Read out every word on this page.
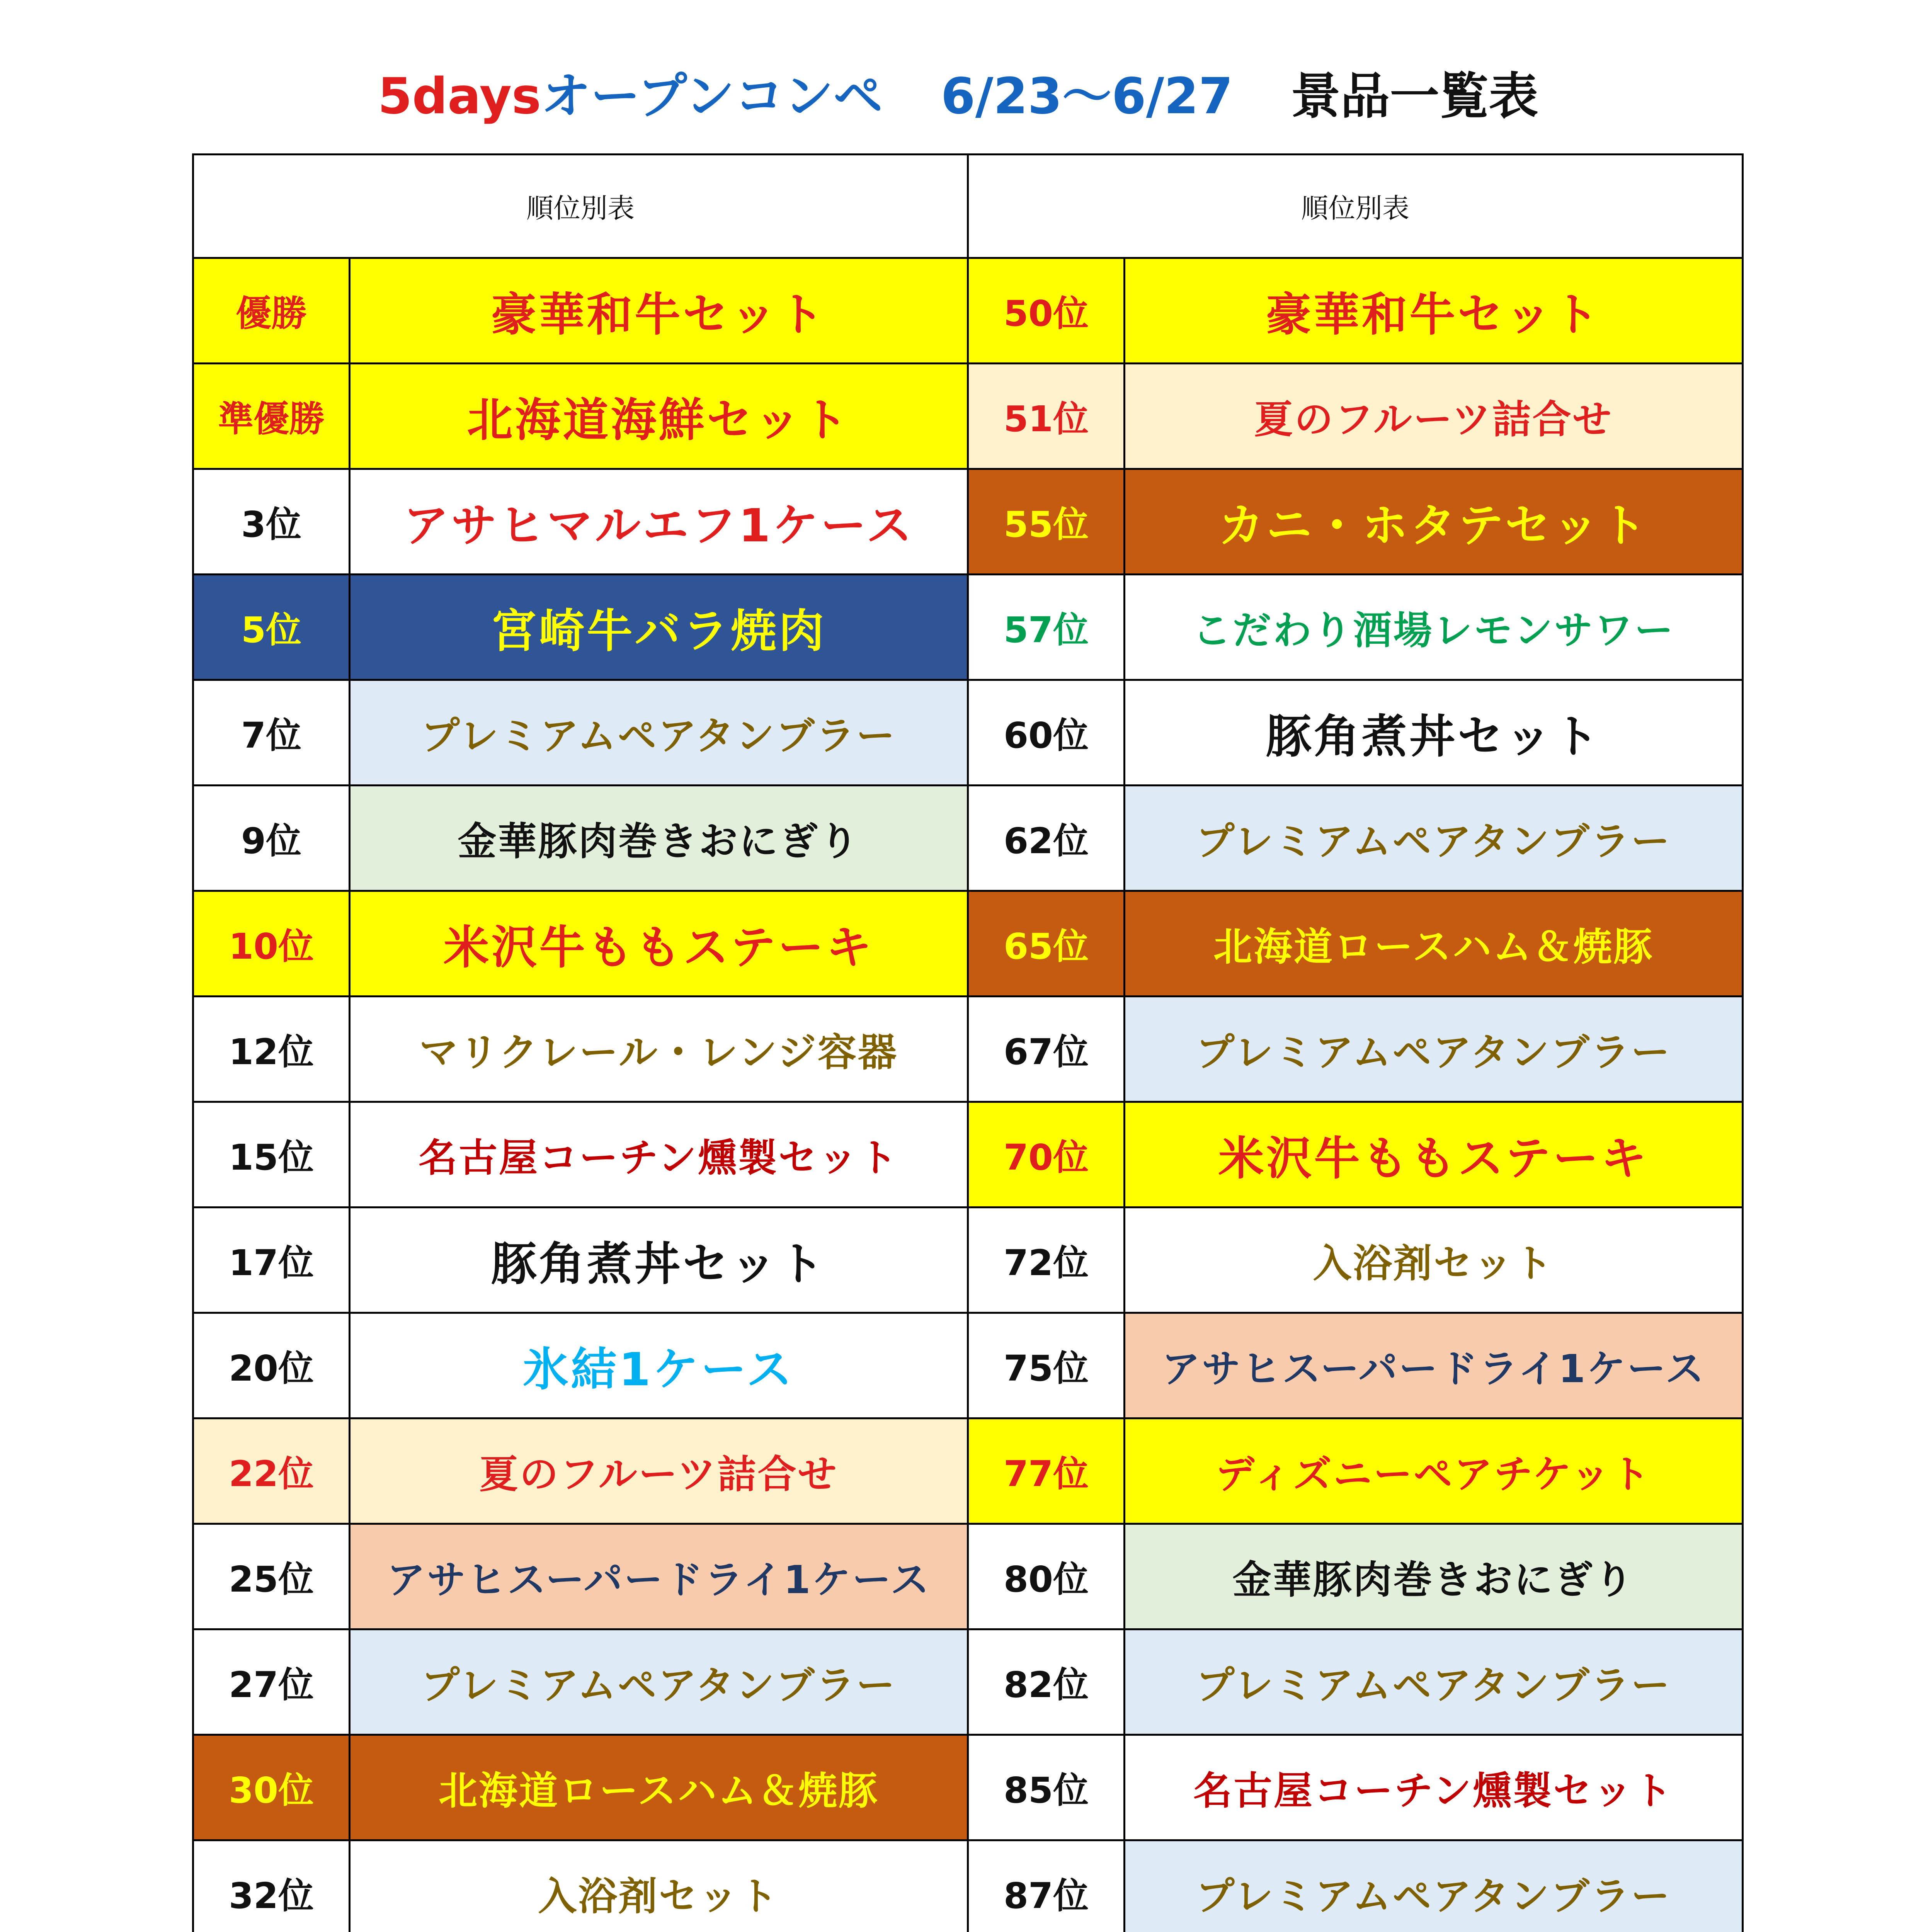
5daysオープンコンペ 6/23〜6/27 景品一覧表
順位別表		順位別表	
優勝	豪華和牛セット	50位	豪華和牛セット
準優勝	北海道海鮮セット	51位	夏のフルーツ詰合せ
3位	アサヒマルエフ1ケース	55位	カニ・ホタテセット
5位	宮崎牛バラ焼肉	57位	こだわり酒場レモンサワー
7位	プレミアムペアタンブラー	60位	豚角煮丼セット
9位	金華豚肉巻きおにぎり	62位	プレミアムペアタンブラー
10位	米沢牛ももステーキ	65位	北海道ロースハム＆焼豚
12位	マリクレール・レンジ容器	67位	プレミアムペアタンブラー
15位	名古屋コーチン燻製セット	70位	米沢牛ももステーキ
17位	豚角煮丼セット	72位	入浴剤セット
20位	氷結1ケース	75位	アサヒスーパードライ1ケース
22位	夏のフルーツ詰合せ	77位	ディズニーペアチケット
25位	アサヒスーパードライ1ケース	80位	金華豚肉巻きおにぎり
27位	プレミアムペアタンブラー	82位	プレミアムペアタンブラー
30位	北海道ロースハム＆焼豚	85位	名古屋コーチン燻製セット
32位	入浴剤セット	87位	プレミアムペアタンブラー
